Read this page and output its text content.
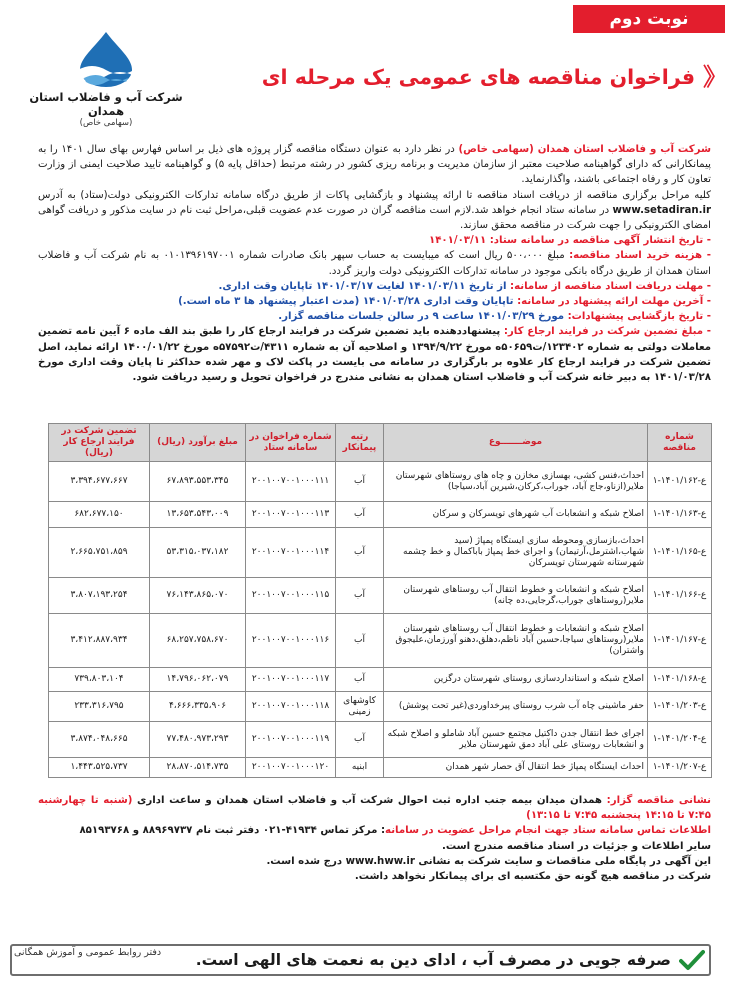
نوبت دوم
شرکت آب و فاضلاب استان همدان
(سهامی خاص)
《
فراخوان مناقصه های عمومی یک مرحله ای

شرکت آب و فاضلاب استان همدان (سهامی خاص) در نظر دارد به عنوان دستگاه مناقصه گزار پروژه های ذیل بر اساس فهارس بهای سال ۱۴۰۱ را به پیمانکارانی که دارای گواهینامه صلاحیت معتبر از سازمان مدیریت و برنامه ریزی کشور در رشته مرتبط (حداقل پایه ۵) و گواهینامه تایید صلاحیت ایمنی از وزارت تعاون کار و رفاه اجتماعی باشند، واگذارنماید.

کلیه مراحل برگزاری مناقصه از دریافت اسناد مناقصه تا ارائه پیشنهاد و بازگشایی پاکات از طریق درگاه سامانه تدارکات الکترونیکی دولت(ستاد) به آدرس www.setadiran.ir در سامانه ستاد انجام خواهد شد.لازم است مناقصه گران در صورت عدم عضویت قبلی،مراحل ثبت نام در سایت مذکور و دریافت گواهی امضای الکترونیکی را جهت شرکت در مناقصه محقق سازند.

- تاریخ انتشار آگهی مناقصه در سامانه ستاد: ۱۴۰۱/۰۳/۱۱

- هزینه خرید اسناد مناقصه: مبلغ ۵۰۰،۰۰۰ ریال است که میبایست به حساب سپهر بانک صادرات شماره ۰۱۰۱۳۹۶۱۹۷۰۰۱ به نام شرکت آب و فاضلاب استان همدان از طریق درگاه بانکی موجود در سامانه تدارکات الکترونیکی دولت واریز گردد.

- مهلت دریافت اسناد مناقصه از سامانه: از تاریخ ۱۴۰۱/۰۳/۱۱ لغایت ۱۴۰۱/۰۳/۱۷ تاپایان وقت اداری.

- آخرین مهلت ارائه پیشنهاد در سامانه: تاپایان وقت اداری ۱۴۰۱/۰۳/۲۸ (مدت اعتبار پیشنهاد ها ۳ ماه است.)

- تاریخ بازگشایی پیشنهادات: مورخ ۱۴۰۱/۰۳/۲۹ ساعت ۹ در سالن جلسات مناقصه گزار.

- مبلغ تضمین شرکت در فرایند ارجاع کار: پیشنهاددهنده باید تضمین شرکت در فرایند ارجاع کار را طبق بند الف ماده ۶ آیین نامه تضمین معاملات دولتی به شماره ۱۲۳۴۰۲/ت۵۰۶۵۹ه مورخ ۱۳۹۴/۹/۲۲ و اصلاحیه آن به شماره ۴۳۱۱/ت۵۷۵۹۲ه مورخ ۱۴۰۰/۰۱/۲۲ ارائه نماید، اصل تضمین شرکت در فرایند ارجاع کار علاوه بر بارگزاری در سامانه می بایست در پاکت لاک و مهر شده حداکثر تا پایان وقت اداری مورخ ۱۴۰۱/۰۳/۲۸ به دبیر خانه شرکت آب و فاضلاب استان همدان به نشانی مندرج در فراخوان تحویل و رسید دریافت شود.

شماره مناقصه	موضـــــــوع	رتبه پیمانکار	شماره فراخوان در سامانه ستاد	مبلغ برآورد (ریال)	تضمین شرکت در فرایند ارجاع کار (ریال)
ع-۱۴۰۱/۱۶۲-۱	احداث،فنس کشی، بهسازی مخازن و چاه های روستاهای شهرستان ملایر(ازناو،جاج آباد، جوراب،کرکان،شیرین آباد،سیاجا)	آب	۲۰۰۱۰۰۷۰۰۱۰۰۰۱۱۱	۶۷،۸۹۳،۵۵۳،۳۴۵	۳،۳۹۴،۶۷۷،۶۶۷
ع-۱۴۰۱/۱۶۳-۱	اصلاح شبکه و انشعابات آب شهرهای تویسرکان و سرکان	آب	۲۰۰۱۰۰۷۰۰۱۰۰۰۱۱۳	۱۳،۶۵۳،۵۴۳،۰۰۹	۶۸۲،۶۷۷،۱۵۰
ع-۱۴۰۱/۱۶۵-۱	احداث،بازسازی ومحوطه سازی ایستگاه پمپاژ (سید شهاب،اشترمل،آرتیمان) و اجرای خط پمپاژ باباکمال و خط چشمه شهرستانه شهرستان تویسرکان	آب	۲۰۰۱۰۰۷۰۰۱۰۰۰۱۱۴	۵۳،۳۱۵،۰۳۷،۱۸۲	۲،۶۶۵،۷۵۱،۸۵۹
ع-۱۴۰۱/۱۶۶-۱	اصلاح شبکه و انشعابات و خطوط انتقال آب روستاهای شهرستان ملایر(روستاهای جوراب،گرجایی،ده چانه)	آب	۲۰۰۱۰۰۷۰۰۱۰۰۰۱۱۵	۷۶،۱۴۳،۸۶۵،۰۷۰	۳،۸۰۷،۱۹۳،۲۵۴
ع-۱۴۰۱/۱۶۷-۱	اصلاح شبکه و انشعابات و خطوط انتقال آب روستاهای شهرستان ملایر(روستاهای سیاجا،حسین آباد ناظم،دهلق،دهنو آورزمان،علیجوق واشتران)	آب	۲۰۰۱۰۰۷۰۰۱۰۰۰۱۱۶	۶۸،۲۵۷،۷۵۸،۶۷۰	۳،۴۱۲،۸۸۷،۹۳۴
ع-۱۴۰۱/۱۶۸-۱	اصلاح شبکه و استانداردسازی روستای شهرستان درگزین	آب	۲۰۰۱۰۰۷۰۰۱۰۰۰۱۱۷	۱۴،۷۹۶،۰۶۲،۰۷۹	۷۳۹،۸۰۳،۱۰۴
ع-۱۴۰۱/۲۰۳-۱	حفر ماشینی چاه آب شرب روستای پیرخداوردی(غیر تحت پوشش)	کاوشهای زمینی	۲۰۰۱۰۰۷۰۰۱۰۰۰۱۱۸	۴،۶۶۶،۳۳۵،۹۰۶	۲۳۳،۳۱۶،۷۹۵
ع-۱۴۰۱/۲۰۴-۱	اجرای خط انتقال جدن داکتیل مجتمع حسین آباد شاملو و اصلاح شبکه و انشعابات روستای علی آباد دمق شهرستان ملایر	آب	۲۰۰۱۰۰۷۰۰۱۰۰۰۱۱۹	۷۷،۴۸۰،۹۷۳،۲۹۳	۳،۸۷۴،۰۴۸،۶۶۵
ع-۱۴۰۱/۲۰۷-۱	احداث ایستگاه پمپاژ خط انتقال آق حصار شهر همدان	ابنیه	۲۰۰۱۰۰۷۰۰۱۰۰۰۱۲۰	۲۸،۸۷۰،۵۱۴،۷۳۵	۱،۴۴۳،۵۲۵،۷۳۷

نشانی مناقصه گزار: همدان میدان بیمه جنب اداره ثبت احوال شرکت آب و فاضلاب استان همدان و ساعت اداری (شنبه تا چهارشنبه ۷:۴۵ تا ۱۴:۱۵ پنجشنبه ۷:۴۵ تا ۱۳:۱۵)

اطلاعات تماس سامانه ستاد جهت انجام مراحل عضویت در سامانه: مرکز تماس ۴۱۹۳۴-۰۲۱ دفتر ثبت نام ۸۸۹۶۹۷۳۷ و ۸۵۱۹۳۷۶۸

سایر اطلاعات و جزئیات در اسناد مناقصه مندرج است.

این آگهی در پایگاه ملی مناقصات و سایت شرکت به نشانی www.hww.ir درج شده است.

شرکت در مناقصه هیچ گونه حق مکتسبه ای برای پیمانکار نخواهد داشت.

صرفه جویی در مصرف آب ، ادای دین به نعمت های الهی است.
دفتر روابط عمومی و آموزش همگانی
